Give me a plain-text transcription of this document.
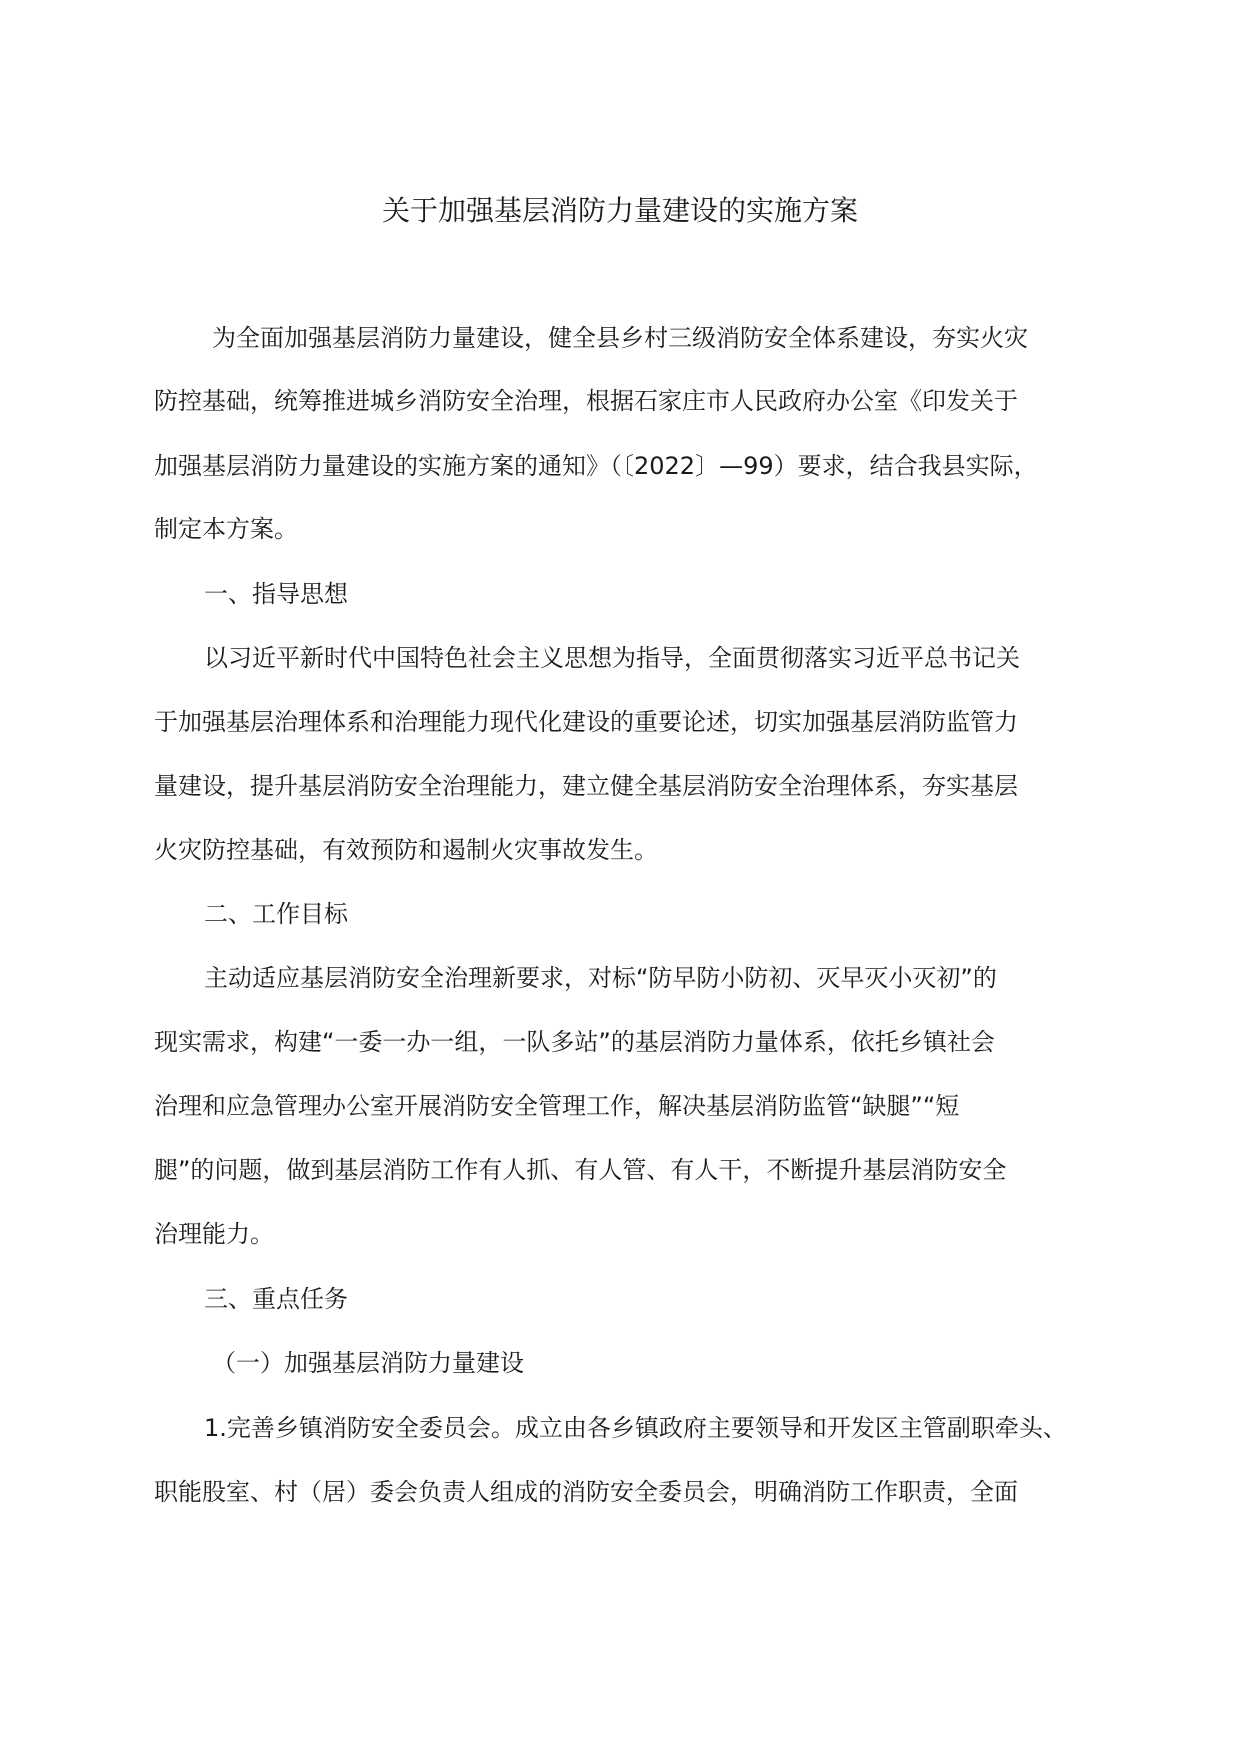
关于加强基层消防力量建设的实施方案

为全面加强基层消防力量建设，健全县乡村三级消防安全体系建设，夯实火灾

防控基础，统筹推进城乡消防安全治理，根据石家庄市人民政府办公室《印发关于

加强基层消防力量建设的实施方案的通知》（〔2022〕—99）要求，结合我县实际，

制定本方案。

一、指导思想

以习近平新时代中国特色社会主义思想为指导，全面贯彻落实习近平总书记关

于加强基层治理体系和治理能力现代化建设的重要论述，切实加强基层消防监管力

量建设，提升基层消防安全治理能力，建立健全基层消防安全治理体系，夯实基层

火灾防控基础，有效预防和遏制火灾事故发生。

二、工作目标

主动适应基层消防安全治理新要求，对标“防早防小防初、灭早灭小灭初”的

现实需求，构建“一委一办一组，一队多站”的基层消防力量体系，依托乡镇社会

治理和应急管理办公室开展消防安全管理工作，解决基层消防监管“缺腿”“短

腿”的问题，做到基层消防工作有人抓、有人管、有人干，不断提升基层消防安全

治理能力。

三、重点任务

（一）加强基层消防力量建设

1.完善乡镇消防安全委员会。成立由各乡镇政府主要领导和开发区主管副职牵头、

职能股室、村（居）委会负责人组成的消防安全委员会，明确消防工作职责，全面
